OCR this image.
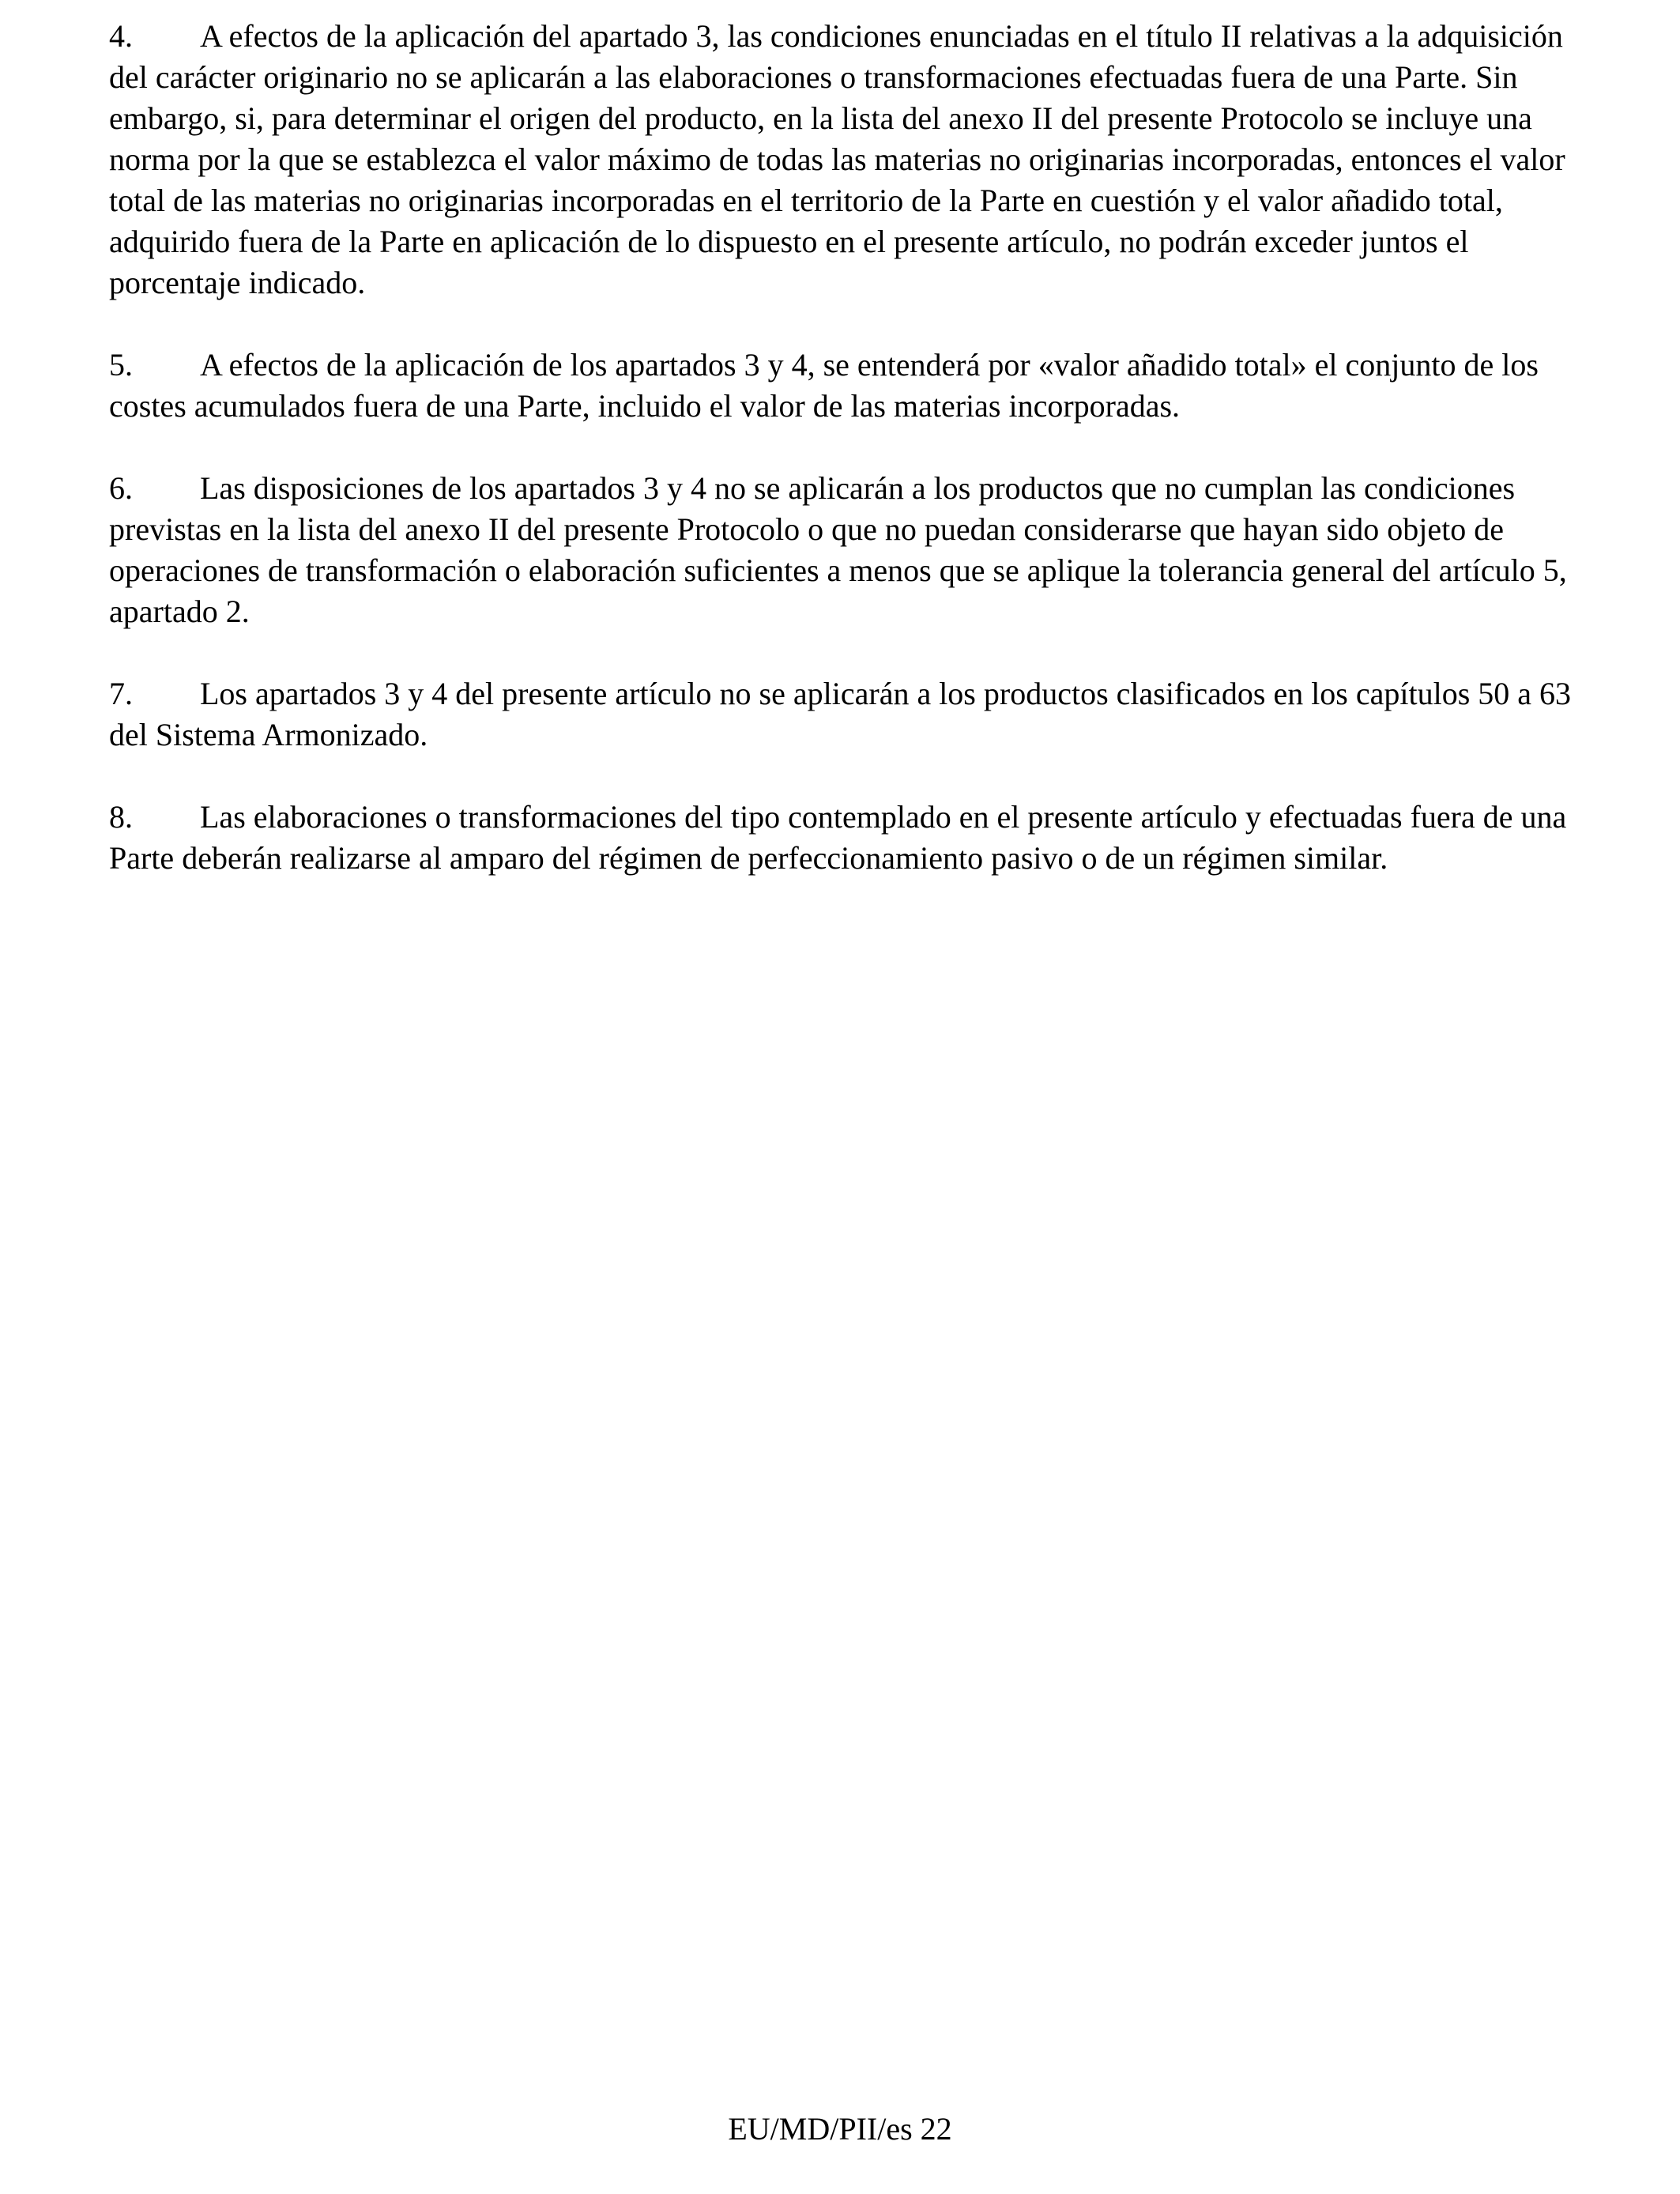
4. A efectos de la aplicación del apartado 3, las condiciones enunciadas en el título II relativas a la adquisición del carácter originario no se aplicarán a las elaboraciones o transformaciones efectuadas fuera de una Parte. Sin embargo, si, para determinar el origen del producto, en la lista del anexo II del presente Protocolo se incluye una norma por la que se establezca el valor máximo de todas las materias no originarias incorporadas, entonces el valor total de las materias no originarias incorporadas en el territorio de la Parte en cuestión y el valor añadido total, adquirido fuera de la Parte en aplicación de lo dispuesto en el presente artículo, no podrán exceder juntos el porcentaje indicado.

5. A efectos de la aplicación de los apartados 3 y 4, se entenderá por «valor añadido total» el conjunto de los costes acumulados fuera de una Parte, incluido el valor de las materias incorporadas.

6. Las disposiciones de los apartados 3 y 4 no se aplicarán a los productos que no cumplan las condiciones previstas en la lista del anexo II del presente Protocolo o que no puedan considerarse que hayan sido objeto de operaciones de transformación o elaboración suficientes a menos que se aplique la tolerancia general del artículo 5, apartado 2.

7. Los apartados 3 y 4 del presente artículo no se aplicarán a los productos clasificados en los capítulos 50 a 63 del Sistema Armonizado.

8. Las elaboraciones o transformaciones del tipo contemplado en el presente artículo y efectuadas fuera de una Parte deberán realizarse al amparo del régimen de perfeccionamiento pasivo o de un régimen similar.

EU/MD/PII/es 22
